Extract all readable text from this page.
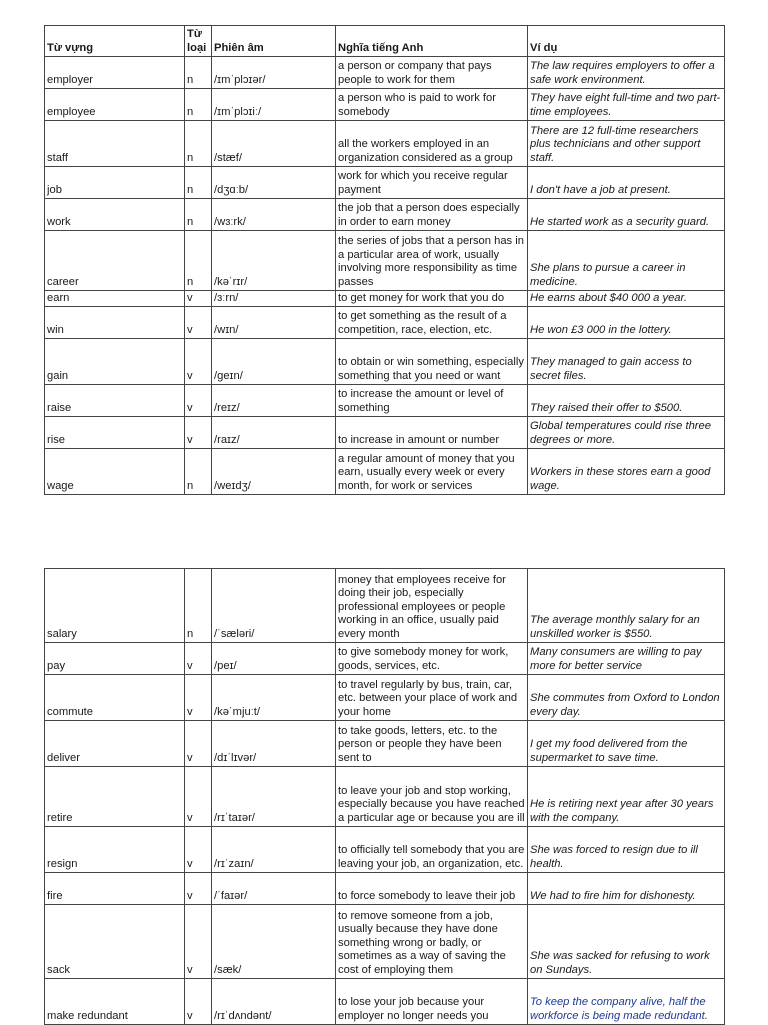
Từ vựng	Từ loại	Phiên âm	Nghĩa tiếng Anh	Ví dụ
employer	n	/ɪmˈplɔɪər/	a person or company that pays people to work for them	The law requires employers to offer a safe work environment.
employee	n	/ɪmˈplɔɪiː/	a person who is paid to work for somebody	They have eight full-time and two part-time employees.
staff	n	/stæf/	all the workers employed in an organization considered as a group	There are 12 full-time researchers plus technicians and other support staff.
job	n	/dʒɑːb/	work for which you receive regular payment	I don't have a job at present.
work	n	/wɜːrk/	the job that a person does especially in order to earn money	He started work as a security guard.
career	n	/kəˈrɪr/	the series of jobs that a person has in a particular area of work, usually involving more responsibility as time passes	She plans to pursue a career in medicine.
earn	v	/ɜːrn/	to get money for work that you do	He earns about $40 000 a year.
win	v	/wɪn/	to get something as the result of a competition, race, election, etc.	He won £3 000 in the lottery.
gain	v	/ɡeɪn/	to obtain or win something, especially something that you need or want	They managed to gain access to secret files.
raise	v	/reɪz/	to increase the amount or level of something	They raised their offer to $500.
rise	v	/raɪz/	to increase in amount or number	Global temperatures could rise three degrees or more.
wage	n	/weɪdʒ/	a regular amount of money that you earn, usually every week or every month, for work or services	Workers in these stores earn a good wage.
salary	n	/ˈsæləri/	money that employees receive for doing their job, especially professional employees or people working in an office, usually paid every month	The average monthly salary for an unskilled worker is $550.
pay	v	/peɪ/	to give somebody money for work, goods, services, etc.	Many consumers are willing to pay more for better service
commute	v	/kəˈmjuːt/	to travel regularly by bus, train, car, etc. between your place of work and your home	She commutes from Oxford to London every day.
deliver	v	/dɪˈlɪvər/	to take goods, letters, etc. to the person or people they have been sent to	I get my food delivered from the supermarket to save time.
retire	v	/rɪˈtaɪər/	to leave your job and stop working, especially because you have reached a particular age or because you are ill	He is retiring next year after 30 years with the company.
resign	v	/rɪˈzaɪn/	to officially tell somebody that you are leaving your job, an organization, etc.	She was forced to resign due to ill health.
fire	v	/ˈfaɪər/	to force somebody to leave their job	We had to fire him for dishonesty.
sack	v	/sæk/	to remove someone from a job, usually because they have done something wrong or badly, or sometimes as a way of saving the cost of employing them	She was sacked for refusing to work on Sundays.
make redundant	v	/rɪˈdʌndənt/	to lose your job because your employer no longer needs you	To keep the company alive, half the workforce is being made redundant.
